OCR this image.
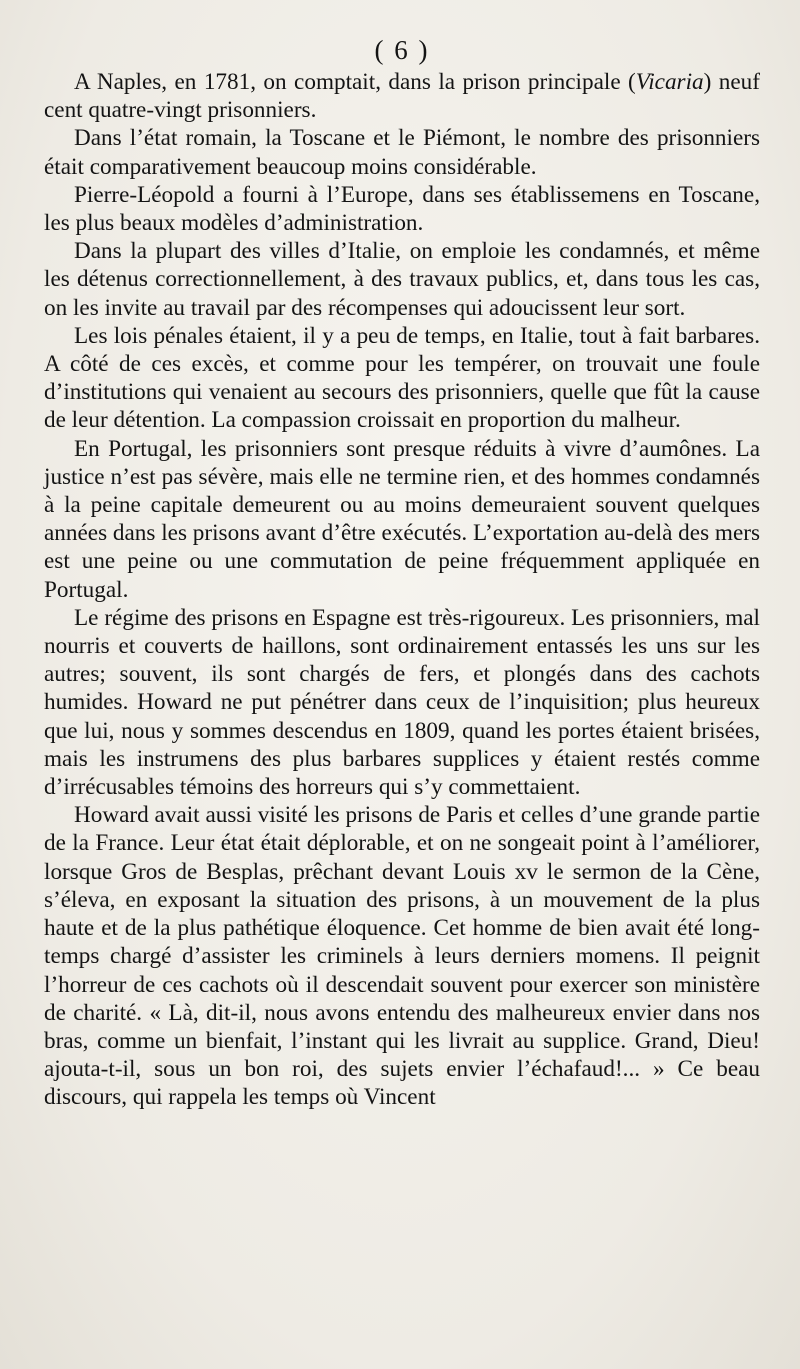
( 6 )

A Naples, en 1781, on comptait, dans la prison principale (Vicaria) neuf cent quatre-vingt prisonniers.

Dans l’état romain, la Toscane et le Piémont, le nombre des prisonniers était comparativement beaucoup moins considérable.

Pierre-Léopold a fourni à l’Europe, dans ses établissemens en Toscane, les plus beaux modèles d’administration.

Dans la plupart des villes d’Italie, on emploie les condamnés, et même les détenus correctionnellement, à des travaux publics, et, dans tous les cas, on les invite au travail par des récompenses qui adoucissent leur sort.

Les lois pénales étaient, il y a peu de temps, en Italie, tout à fait barbares. A côté de ces excès, et comme pour les tempérer, on trouvait une foule d’institutions qui venaient au secours des prisonniers, quelle que fût la cause de leur détention. La compassion croissait en proportion du malheur.

En Portugal, les prisonniers sont presque réduits à vivre d’aumônes. La justice n’est pas sévère, mais elle ne termine rien, et des hommes condamnés à la peine capitale demeurent ou au moins demeuraient souvent quelques années dans les prisons avant d’être exécutés. L’exportation au-delà des mers est une peine ou une commutation de peine fréquemment appliquée en Portugal.

Le régime des prisons en Espagne est très-rigoureux. Les prisonniers, mal nourris et couverts de haillons, sont ordinairement entassés les uns sur les autres; souvent, ils sont chargés de fers, et plongés dans des cachots humides. Howard ne put pénétrer dans ceux de l’inquisition; plus heureux que lui, nous y sommes descendus en 1809, quand les portes étaient brisées, mais les instrumens des plus barbares supplices y étaient restés comme d’irrécusables témoins des horreurs qui s’y commettaient.

Howard avait aussi visité les prisons de Paris et celles d’une grande partie de la France. Leur état était déplorable, et on ne songeait point à l’améliorer, lorsque Gros de Besplas, prêchant devant Louis xv le sermon de la Cène, s’éleva, en exposant la situation des prisons, à un mouvement de la plus haute et de la plus pathétique éloquence. Cet homme de bien avait été long-temps chargé d’assister les criminels à leurs derniers momens. Il peignit l’horreur de ces cachots où il descendait souvent pour exercer son ministère de charité. « Là, dit-il, nous avons entendu des malheureux envier dans nos bras, comme un bienfait, l’instant qui les livrait au supplice. Grand, Dieu! ajouta-t-il, sous un bon roi, des sujets envier l’échafaud!... » Ce beau discours, qui rappela les temps où Vincent
